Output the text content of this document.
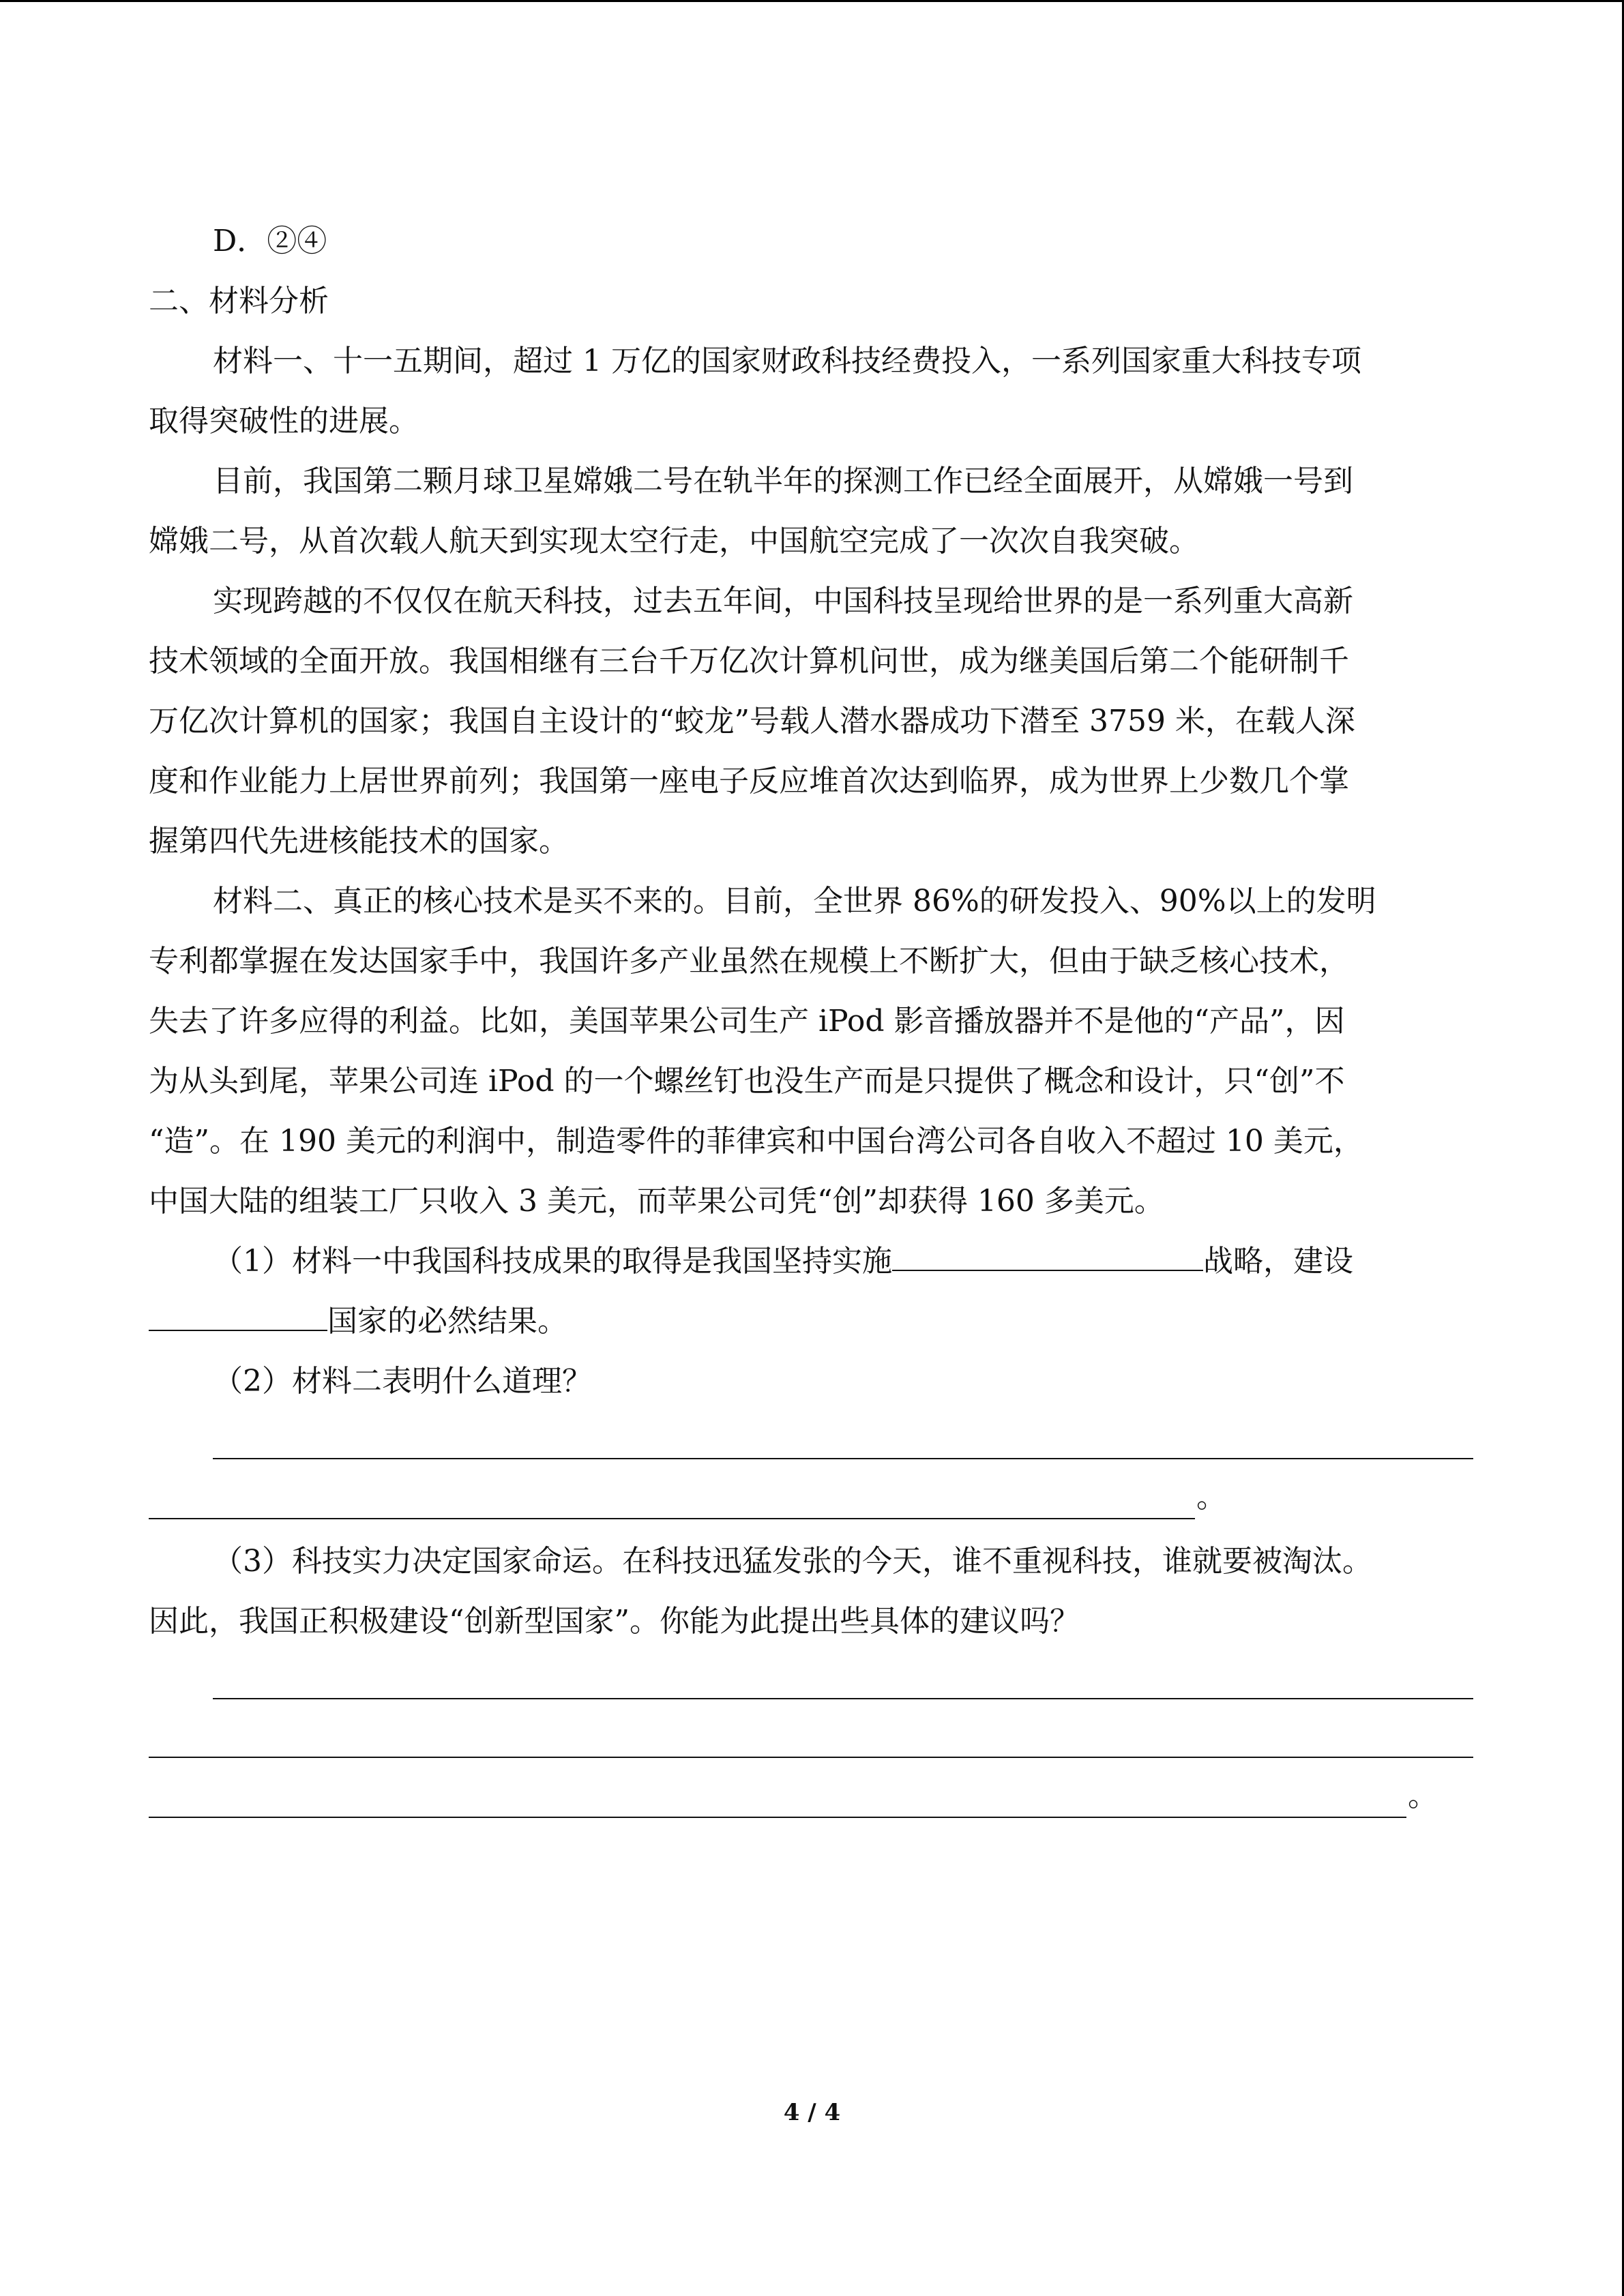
D．②④
二、材料分析
材料一、十一五期间，超过 1 万亿的国家财政科技经费投入，一系列国家重大科技专项
取得突破性的进展。
目前，我国第二颗月球卫星嫦娥二号在轨半年的探测工作已经全面展开，从嫦娥一号到
嫦娥二号，从首次载人航天到实现太空行走，中国航空完成了一次次自我突破。
实现跨越的不仅仅在航天科技，过去五年间，中国科技呈现给世界的是一系列重大高新
技术领域的全面开放。我国相继有三台千万亿次计算机问世，成为继美国后第二个能研制千
万亿次计算机的国家；我国自主设计的“蛟龙”号载人潜水器成功下潜至 3759 米，在载人深
度和作业能力上居世界前列；我国第一座电子反应堆首次达到临界，成为世界上少数几个掌
握第四代先进核能技术的国家。
材料二、真正的核心技术是买不来的。目前，全世界 86%的研发投入、90%以上的发明
专利都掌握在发达国家手中，我国许多产业虽然在规模上不断扩大，但由于缺乏核心技术，
失去了许多应得的利益。比如，美国苹果公司生产 iPod 影音播放器并不是他的“产品”，因
为从头到尾，苹果公司连 iPod 的一个螺丝钉也没生产而是只提供了概念和设计，只“创”不
“造”。在 190 美元的利润中，制造零件的菲律宾和中国台湾公司各自收入不超过 10 美元，
中国大陆的组装工厂只收入 3 美元，而苹果公司凭“创”却获得 160 多美元。
（1）材料一中我国科技成果的取得是我国坚持实施	战略，建设
国家的必然结果。
（2）材料二表明什么道理？
。
（3）科技实力决定国家命运。在科技迅猛发张的今天，谁不重视科技，谁就要被淘汰。
因此，我国正积极建设“创新型国家”。你能为此提出些具体的建议吗？
。
4 / 4
